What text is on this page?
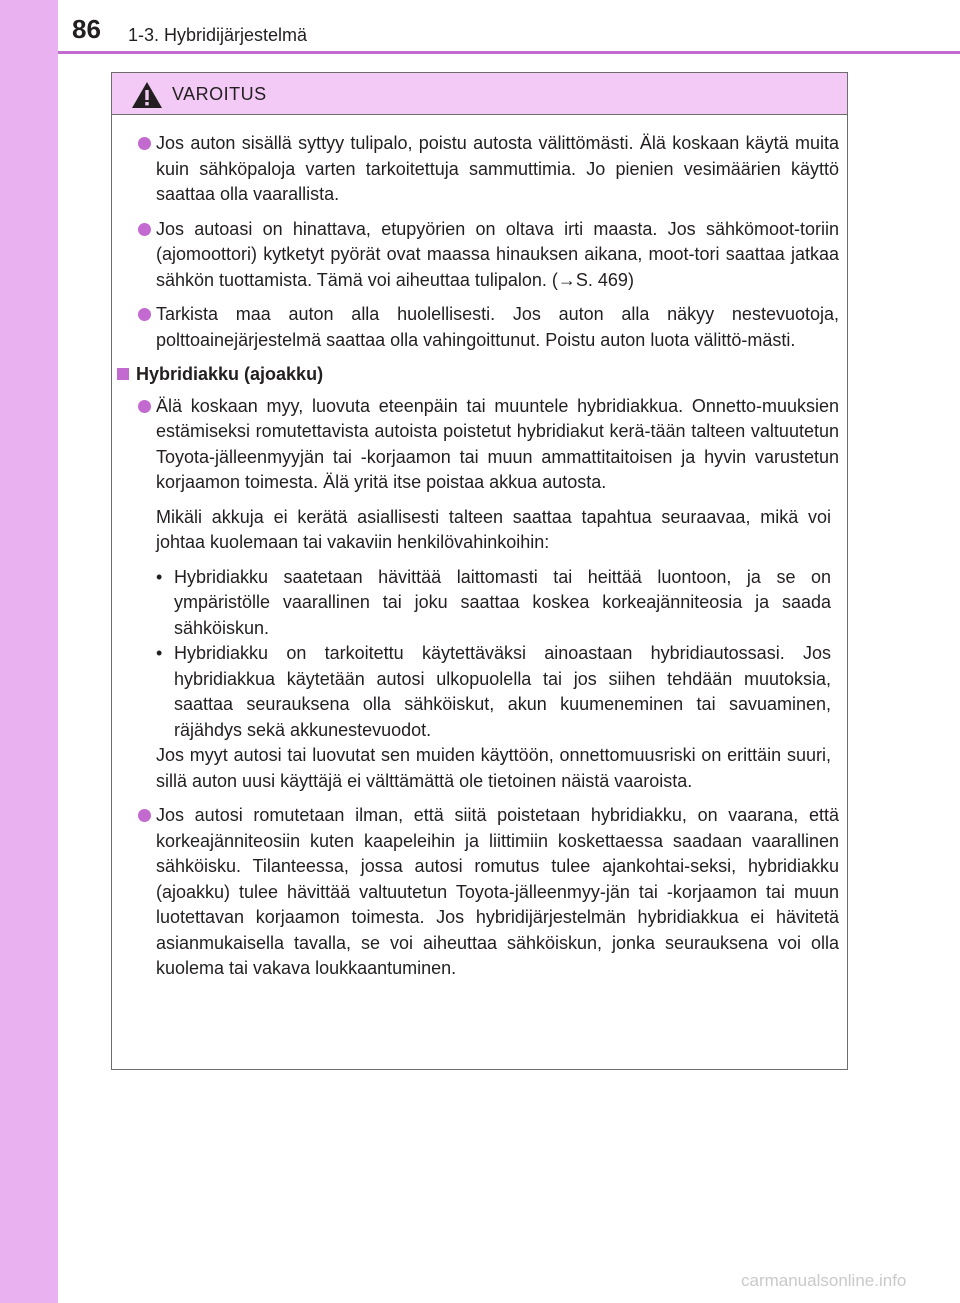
86 1-3. Hybridijärjestelmä
VAROITUS

Jos auton sisällä syttyy tulipalo, poistu autosta välittömästi. Älä koskaan käytä muita kuin sähköpaloja varten tarkoitettuja sammuttimia. Jo pienien vesimäärien käyttö saattaa olla vaarallista.

Jos autoasi on hinattava, etupyörien on oltava irti maasta. Jos sähkömoot-toriin (ajomoottori) kytketyt pyörät ovat maassa hinauksen aikana, moot-tori saattaa jatkaa sähkön tuottamista. Tämä voi aiheuttaa tulipalon. (→S. 469)

Tarkista maa auton alla huolellisesti. Jos auton alla näkyy nestevuotoja, polttoainejärjestelmä saattaa olla vahingoittunut. Poistu auton luota välittö-mästi.

Hybridiakku (ajoakku)

Älä koskaan myy, luovuta eteenpäin tai muuntele hybridiakkua. Onnetto-muuksien estämiseksi romutettavista autoista poistetut hybridiakut kerä-tään talteen valtuutetun Toyota-jälleenmyyjän tai -korjaamon tai muun ammattitaitoisen ja hyvin varustetun korjaamon toimesta. Älä yritä itse poistaa akkua autosta.

Mikäli akkuja ei kerätä asiallisesti talteen saattaa tapahtua seuraavaa, mikä voi johtaa kuolemaan tai vakaviin henkilövahinkoihin:

• Hybridiakku saatetaan hävittää laittomasti tai heittää luontoon, ja se on ympäristölle vaarallinen tai joku saattaa koskea korkeajänniteosia ja saada sähköiskun.

• Hybridiakku on tarkoitettu käytettäväksi ainoastaan hybridiautossasi. Jos hybridiakkua käytetään autosi ulkopuolella tai jos siihen tehdään muutoksia, saattaa seurauksena olla sähköiskut, akun kuumeneminen tai savuaminen, räjähdys sekä akkunestevuodot.

Jos myyt autosi tai luovutat sen muiden käyttöön, onnettomuusriski on erittäin suuri, sillä auton uusi käyttäjä ei välttämättä ole tietoinen näistä vaaroista.

Jos autosi romutetaan ilman, että siitä poistetaan hybridiakku, on vaarana, että korkeajänniteosiin kuten kaapeleihin ja liittimiin koskettaessa saadaan vaarallinen sähköisku. Tilanteessa, jossa autosi romutus tulee ajankohtai-seksi, hybridiakku (ajoakku) tulee hävittää valtuutetun Toyota-jälleenmyy-jän tai -korjaamon tai muun luotettavan korjaamon toimesta. Jos hybridijärjestelmän hybridiakkua ei hävitetä asianmukaisella tavalla, se voi aiheuttaa sähköiskun, jonka seurauksena voi olla kuolema tai vakava loukkaantuminen.

carmanualsonline.info
